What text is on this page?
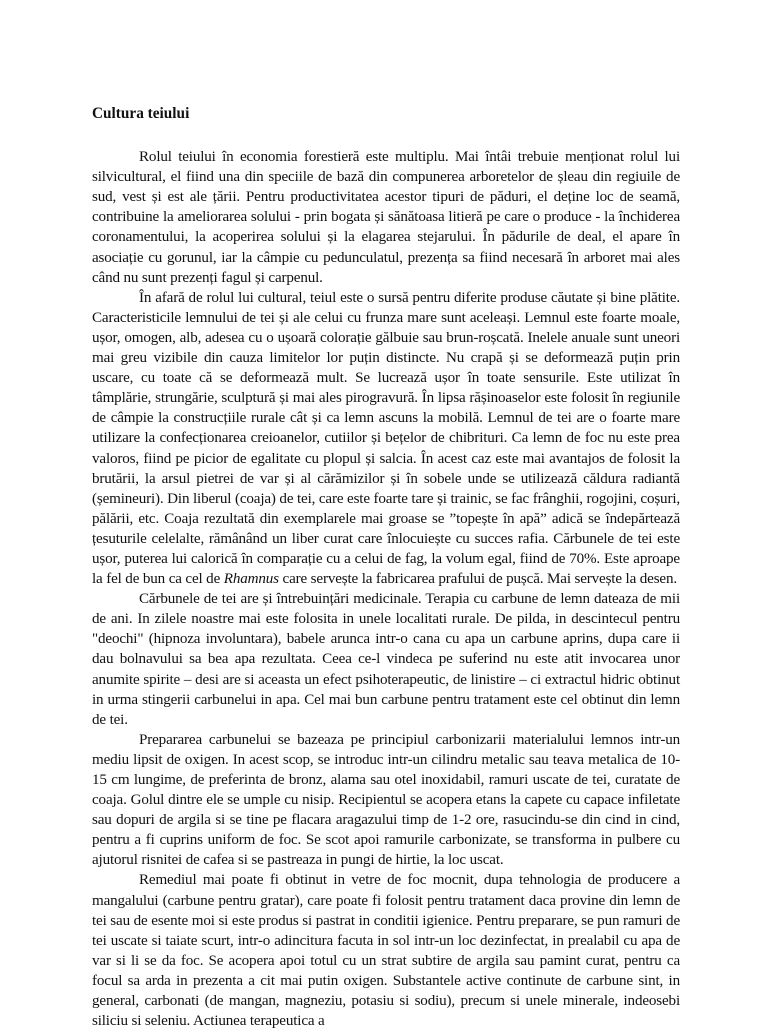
Cultura teiului

Rolul teiului în economia forestieră este multiplu. Mai întâi trebuie menționat rolul lui silvicultural, el fiind una din speciile de bază din compunerea arboretelor de șleau din regiuile de sud, vest și est ale țării. Pentru productivitatea acestor tipuri de păduri, el deține loc de seamă, contribuine la ameliorarea solului - prin bogata și sănătoasa litieră pe care o produce - la închiderea coronamentului, la acoperirea solului și la elagarea stejarului. În pădurile de deal, el apare în asociație cu gorunul, iar la câmpie cu pedunculatul, prezența sa fiind necesară în arboret mai ales când nu sunt prezenți fagul și carpenul.

În afară de rolul lui cultural, teiul este o sursă pentru diferite produse căutate și bine plătite. Caracteristicile lemnului de tei și ale celui cu frunza mare sunt aceleași. Lemnul este foarte moale, ușor, omogen, alb, adesea cu o ușoară colorație gălbuie sau brun-roșcată. Inelele anuale sunt uneori mai greu vizibile din cauza limitelor lor puțin distincte. Nu crapă și se deformează puțin prin uscare, cu toate că se deformează mult. Se lucrează ușor în toate sensurile. Este utilizat în tâmplărie, strungărie, sculptură și mai ales pirogravură. În lipsa rășinoaselor este folosit în regiunile de câmpie la construcțiile rurale cât și ca lemn ascuns la mobilă. Lemnul de tei are o foarte mare utilizare la confecționarea creioanelor, cutiilor și bețelor de chibrituri. Ca lemn de foc nu este prea valoros, fiind pe picior de egalitate cu plopul și salcia. În acest caz este mai avantajos de folosit la brutării, la arsul pietrei de var și al cărămizilor și în sobele unde se utilizează căldura radiantă (șemineuri). Din liberul (coaja) de tei, care este foarte tare și trainic, se fac frânghii, rogojini, coșuri, pălării, etc. Coaja rezultată din exemplarele mai groase se ”topește în apă” adică se îndepărtează țesuturile celelalte, rămânând un liber curat care înlocuiește cu succes rafia. Cărbunele de tei este ușor, puterea lui calorică în comparație cu a celui de fag, la volum egal, fiind de 70%. Este aproape la fel de bun ca cel de Rhamnus care servește la fabricarea prafului de pușcă. Mai servește la desen.

Cărbunele de tei are și întrebuințări medicinale. Terapia cu carbune de lemn dateaza de mii de ani. In zilele noastre mai este folosita in unele localitati rurale. De pilda, in descintecul pentru "deochi" (hipnoza involuntara), babele arunca intr-o cana cu apa un carbune aprins, dupa care ii dau bolnavului sa bea apa rezultata. Ceea ce-l vindeca pe suferind nu este atit invocarea unor anumite spirite – desi are si aceasta un efect psihoterapeutic, de linistire – ci extractul hidric obtinut in urma stingerii carbunelui in apa. Cel mai bun carbune pentru tratament este cel obtinut din lemn de tei.

Prepararea carbunelui se bazeaza pe principiul carbonizarii materialului lemnos intr-un mediu lipsit de oxigen. In acest scop, se introduc intr-un cilindru metalic sau teava metalica de 10-15 cm lungime, de preferinta de bronz, alama sau otel inoxidabil, ramuri uscate de tei, curatate de coaja. Golul dintre ele se umple cu nisip. Recipientul se acopera etans la capete cu capace infiletate sau dopuri de argila si se tine pe flacara aragazului timp de 1-2 ore, rasucindu-se din cind in cind, pentru a fi cuprins uniform de foc. Se scot apoi ramurile carbonizate, se transforma in pulbere cu ajutorul risnitei de cafea si se pastreaza in pungi de hirtie, la loc uscat.

Remediul mai poate fi obtinut in vetre de foc mocnit, dupa tehnologia de producere a mangalului (carbune pentru gratar), care poate fi folosit pentru tratament daca provine din lemn de tei sau de esente moi si este produs si pastrat in conditii igienice. Pentru preparare, se pun ramuri de tei uscate si taiate scurt, intr-o adincitura facuta in sol intr-un loc dezinfectat, in prealabil cu apa de var si li se da foc. Se acopera apoi totul cu un strat subtire de argila sau pamint curat, pentru ca focul sa arda in prezenta a cit mai putin oxigen. Substantele active continute de carbune sint, in general, carbonati (de mangan, magneziu, potasiu si sodiu), precum si unele minerale, indeosebi siliciu si seleniu. Actiunea terapeutica a
